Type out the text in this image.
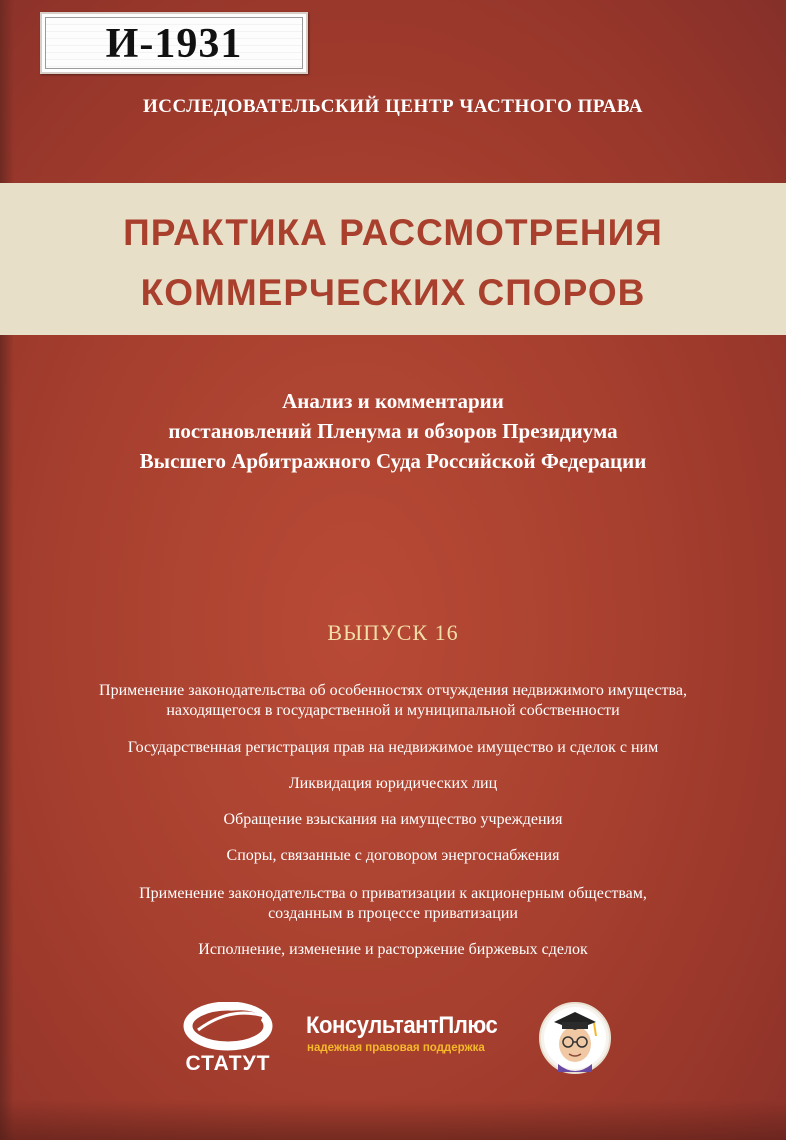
И-1931
ИССЛЕДОВАТЕЛЬСКИЙ ЦЕНТР ЧАСТНОГО ПРАВА
ПРАКТИКА РАССМОТРЕНИЯ
КОММЕРЧЕСКИХ СПОРОВ
Анализ и комментарии
постановлений Пленума и обзоров Президиума
Высшего Арбитражного Суда Российской Федерации
ВЫПУСК 16
Применение законодательства об особенностях отчуждения недвижимого имущества,
находящегося в государственной и муниципальной собственности
Государственная регистрация прав на недвижимое имущество и сделок с ним
Ликвидация юридических лиц
Обращение взыскания на имущество учреждения
Споры, связанные с договором энергоснабжения
Применение законодательства о приватизации к акционерным обществам,
созданным в процессе приватизации
Исполнение, изменение и расторжение биржевых сделок
СТАТУТ
КонсультантПлюс
надежная правовая поддержка
